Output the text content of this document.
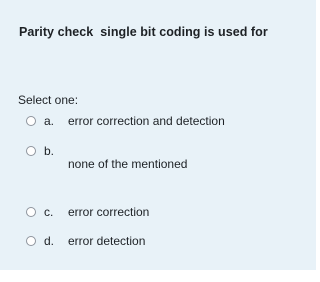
Parity check  single bit coding is used for
Select one:
a. error correction and detection
b.
none of the mentioned
c. error correction
d. error detection
